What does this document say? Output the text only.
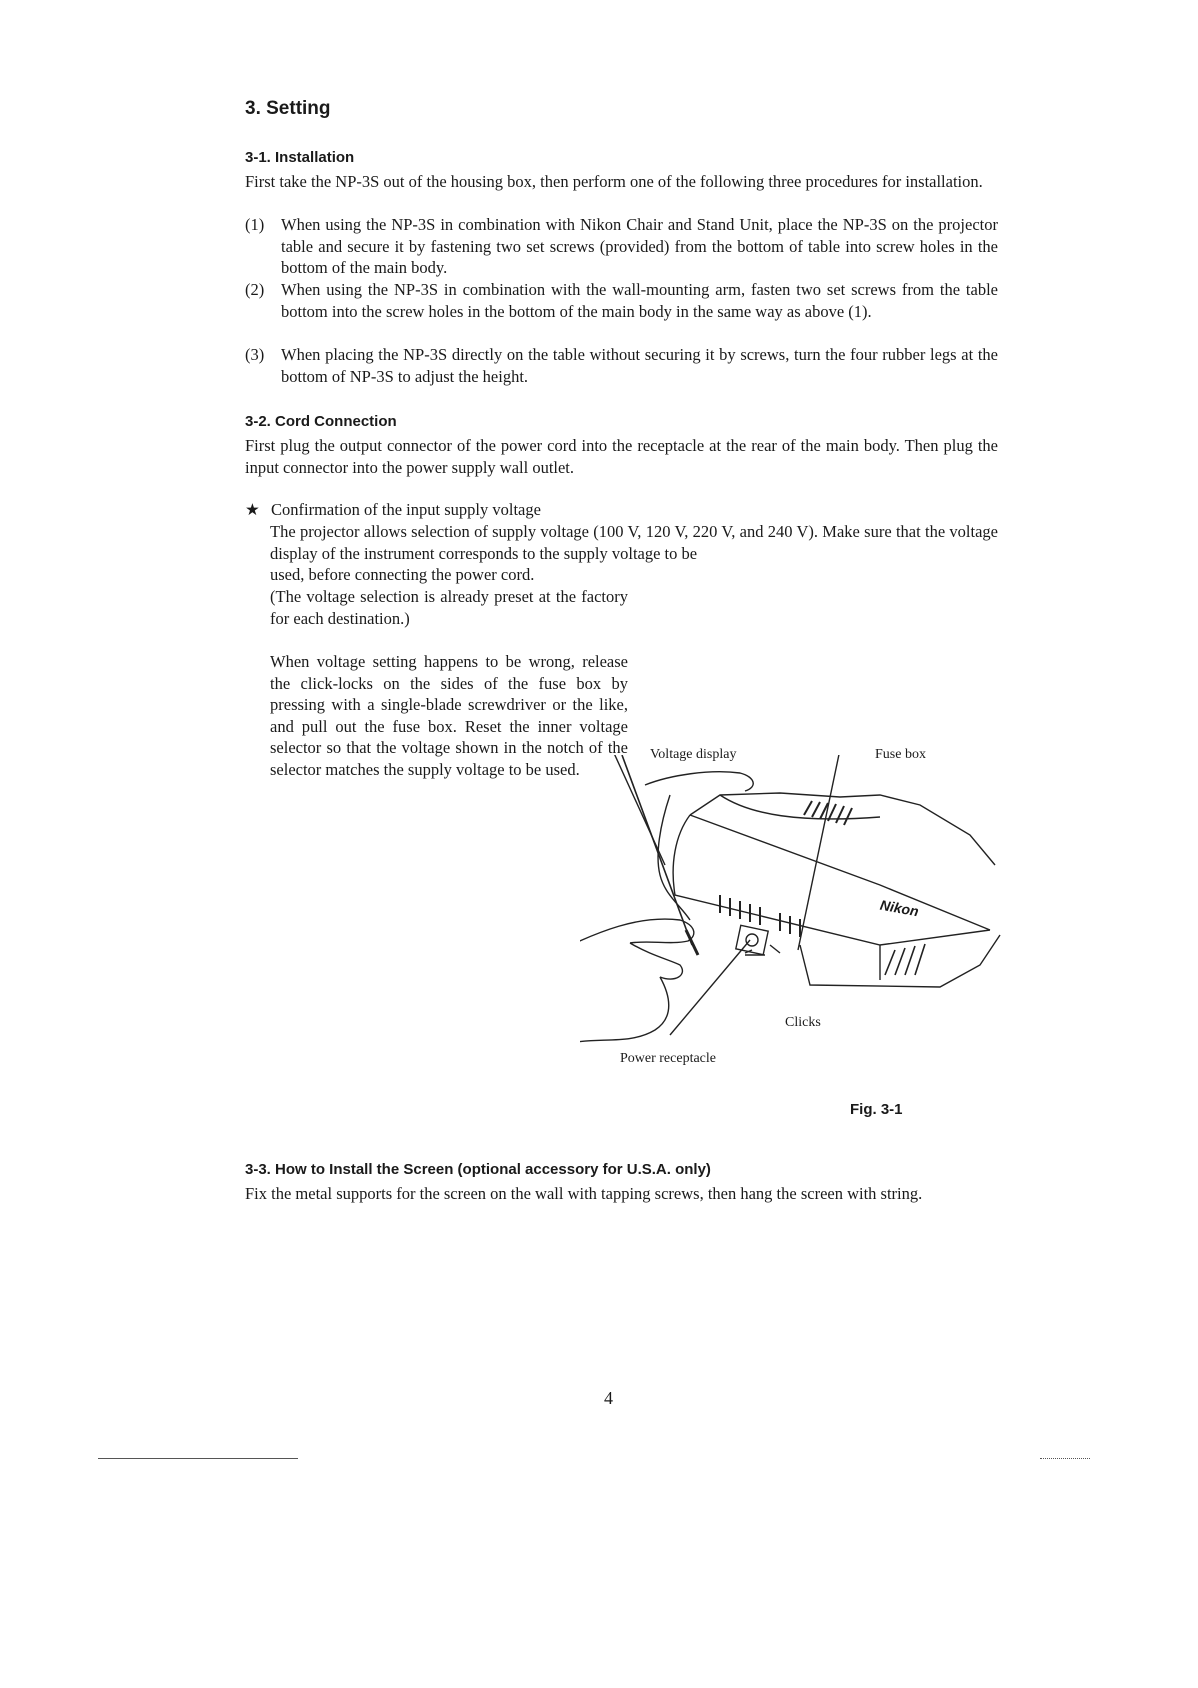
3. Setting
3-1. Installation
First take the NP-3S out of the housing box, then perform one of the following three procedures for installation.
(1)	When using the NP-3S in combination with Nikon Chair and Stand Unit, place the NP-3S on the projector table and secure it by fastening two set screws (provided) from the bottom of table into screw holes in the bottom of the main body.
(2)	When using the NP-3S in combination with the wall-mounting arm, fasten two set screws from the table bottom into the screw holes in the bottom of the main body in the same way as above (1).
(3)	When placing the NP-3S directly on the table without securing it by screws, turn the four rubber legs at the bottom of NP-3S to adjust the height.
3-2. Cord Connection
First plug the output connector of the power cord into the receptacle at the rear of the main body. Then plug the input connector into the power supply wall outlet.
★ Confirmation of the input supply voltage
The projector allows selection of supply voltage (100 V, 120 V, 220 V, and 240 V). Make sure that the voltage display of the instrument corresponds to the supply voltage to be
used, before connecting the power cord.
(The voltage selection is already preset at the factory for each destination.)
When voltage setting happens to be wrong, release the click-locks on the sides of the fuse box by pressing with a single-blade screwdriver or the like, and pull out the fuse box. Reset the inner voltage selector so that the voltage shown in the notch of the selector matches the supply voltage to be used.
Voltage display	Fuse box
Nikon
Clicks
Power receptacle
Fig. 3-1
3-3. How to Install the Screen (optional accessory for U.S.A. only)
Fix the metal supports for the screen on the wall with tapping screws, then hang the screen with string.
4
